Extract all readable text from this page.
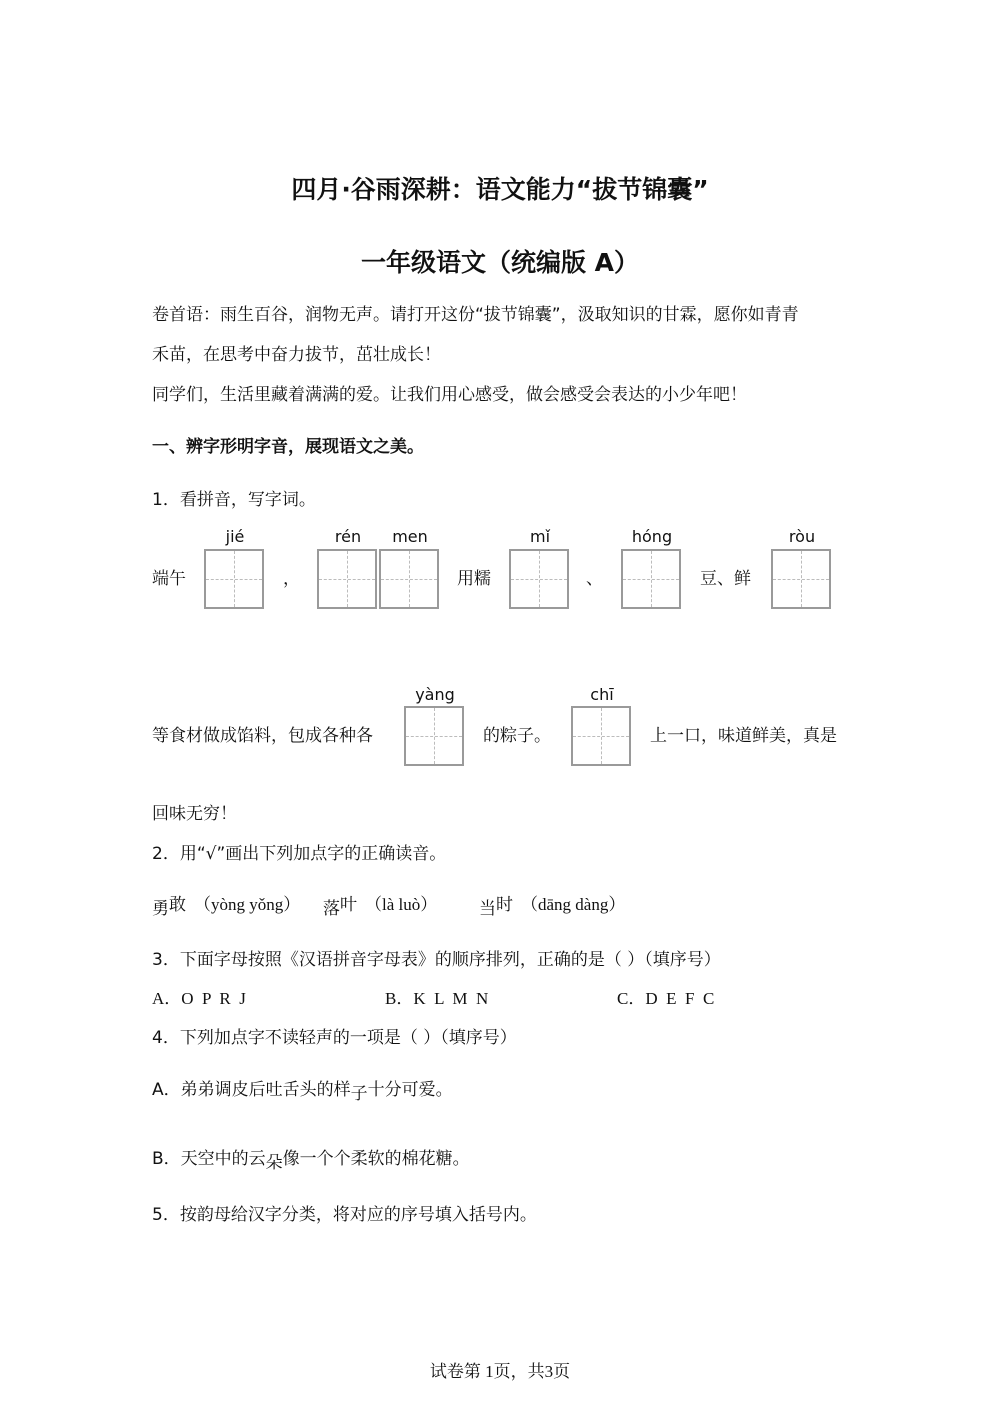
四月·谷雨深耕：语文能力“拔节锦囊”
一年级语文（统编版 A）
卷首语：雨生百谷，润物无声。请打开这份“拔节锦囊”，汲取知识的甘霖，愿你如青青
禾苗，在思考中奋力拔节，茁壮成长！
同学们，生活里藏着满满的爱。让我们用心感受，做会感受会表达的小少年吧！
一、辨字形明字音，展现语文之美。
1．看拼音，写字词。
jié	rén	men	mǐ	hóng	ròu
端午	，	用糯	、	豆、鲜
yàng	chī
等食材做成馅料，包成各种各	的粽子。	上一口，味道鲜美，真是
回味无穷！
2．用“√”画出下列加点字的正确读音。
勇敢 （yòng yǒng） 落叶 （là luò） 当时 （dāng dàng）
3．下面字母按照《汉语拼音字母表》的顺序排列，正确的是（ ）（填序号）
A．O  P  R  J	B．K  L  M  N	C．D  E  F  C
4．下列加点字不读轻声的一项是（ ）（填序号）
A．弟弟调皮后吐舌头的样子十分可爱。
B．天空中的云朵像一个个柔软的棉花糖。
5．按韵母给汉字分类，将对应的序号填入括号内。
试卷第 1页，共3页
